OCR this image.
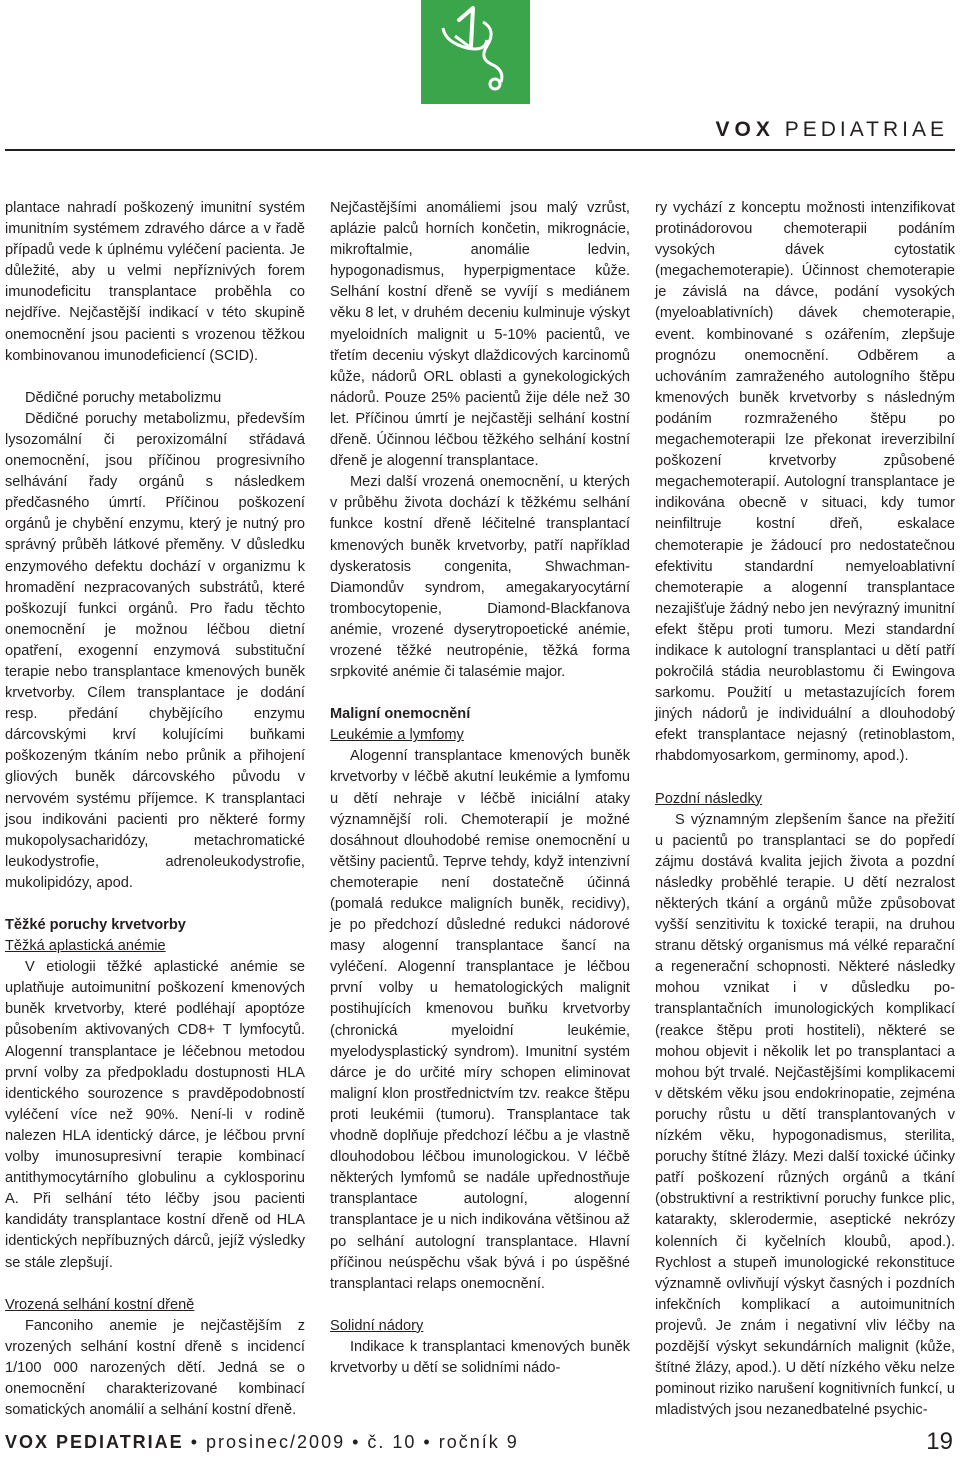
VOX PEDIATRIAE

plantace nahradí poškozený imunitní systém imunitním systémem zdravého dárce a v řadě případů vede k úplnému vyléčení pacienta. Je důležité, aby u velmi nepříznivých forem imunodeficitu transplantace proběhla co nejdříve. Nejčastější indikací v této skupině onemocnění jsou pacienti s vrozenou těžkou kombinovanou imunodeficiencí (SCID).

Dědičné poruchy metabolizmu

Dědičné poruchy metabolizmu, především lysozomální či peroxizomální střádavá onemocnění, jsou příčinou progresivního selhávání řady orgánů s následkem předčasného úmrtí. Příčinou poškození orgánů je chybění enzymu, který je nutný pro správný průběh látkové přeměny. V důsledku enzymového defektu dochází v organizmu k hromadění nezpracovaných substrátů, které poškozují funkci orgánů. Pro řadu těchto onemocnění je možnou léčbou dietní opatření, exogenní enzymová substituční terapie nebo transplantace kmenových buněk krvetvorby. Cílem transplantace je dodání resp. předání chybějícího enzymu dárcovskými krví kolujícími buňkami poškozeným tkáním nebo průnik a přihojení gliových buněk dárcovského původu v nervovém systému příjemce. K transplantaci jsou indikováni pacienti pro některé formy mukopolysacharidózy, metachromatické leukodystrofie, adrenoleukodystrofie, mukolipidózy, apod.

Těžké poruchy krvetvorby

Těžká aplastická anémie

V etiologii těžké aplastické anémie se uplatňuje autoimunitní poškození kmenových buněk krvetvorby, které podléhají apoptóze působením aktivovaných CD8+ T lymfocytů. Alogenní transplantace je léčebnou metodou první volby za předpokladu dostupnosti HLA identického sourozence s pravděpodobností vyléčení více než 90%. Není-li v rodině nalezen HLA identický dárce, je léčbou první volby imunosupresivní terapie kombinací antithymocytárního globulinu a cyklosporinu A. Při selhání této léčby jsou pacienti kandidáty transplantace kostní dřeně od HLA identických nepříbuzných dárců, jejíž výsledky se stále zlepšují.

Vrozená selhání kostní dřeně

Fanconiho anemie je nejčastějším z vrozených selhání kostní dřeně s incidencí 1/100 000 narozených dětí. Jedná se o onemocnění charakterizované kombinací somatických anomálií a selhání kostní dřeně.

Nejčastějšími anomáliemi jsou malý vzrůst, aplázie palců horních končetin, mikrognácie, mikroftalmie, anomálie ledvin, hypogonadismus, hyperpigmentace kůže. Selhání kostní dřeně se vyvíjí s mediánem věku 8 let, v druhém deceniu kulminuje výskyt myeloidních malignit u 5-10% pacientů, ve třetím deceniu výskyt dlaždicových karcinomů kůže, nádorů ORL oblasti a gynekologických nádorů. Pouze 25% pacientů žije déle než 30 let. Příčinou úmrtí je nejčastěji selhání kostní dřeně. Účinnou léčbou těžkého selhání kostní dřeně je alogenní transplantace.

Mezi další vrozená onemocnění, u kterých v průběhu života dochází k těžkému selhání funkce kostní dřeně léčitelné transplantací kmenových buněk krvetvorby, patří například dyskeratosis congenita, Shwachman-Diamondův syndrom, amegakaryocytární trombocytopenie, Diamond-Blackfanova anémie, vrozené dyserytropoetické anémie, vrozené těžké neutropénie, těžká forma srpkovité anémie či talasémie major.

Maligní onemocnění

Leukémie a lymfomy

Alogenní transplantace kmenových buněk krvetvorby v léčbě akutní leukémie a lymfomu u dětí nehraje v léčbě iniciální ataky významnější roli. Chemoterapií je možné dosáhnout dlouhodobé remise onemocnění u většiny pacientů. Teprve tehdy, když intenzivní chemoterapie není dostatečně účinná (pomalá redukce maligních buněk, recidivy), je po předchozí důsledné redukci nádorové masy alogenní transplantace šancí na vyléčení. Alogenní transplantace je léčbou první volby u hematologických malignit postihujících kmenovou buňku krvetvorby (chronická myeloidní leukémie, myelodysplastický syndrom). Imunitní systém dárce je do určité míry schopen eliminovat maligní klon prostřednictvím tzv. reakce štěpu proti leukémii (tumoru). Transplantace tak vhodně doplňuje předchozí léčbu a je vlastně dlouhodobou léčbou imunologickou. V léčbě některých lymfomů se nadále upřednostňuje transplantace autologní, alogenní transplantace je u nich indikována většinou až po selhání autologní transplantace. Hlavní příčinou neúspěchu však bývá i po úspěšné transplantaci relaps onemocnění.

Solidní nádory

Indikace k transplantaci kmenových buněk krvetvorby u dětí se solidními nádo-

ry vychází z konceptu možnosti intenzifikovat protinádorovou chemoterapii podáním vysokých dávek cytostatik (megachemoterapie). Účinnost chemoterapie je závislá na dávce, podání vysokých (myeloablativních) dávek chemoterapie, event. kombinované s ozářením, zlepšuje prognózu onemocnění. Odběrem a uchováním zamraženého autologního štěpu kmenových buněk krvetvorby s následným podáním rozmraženého štěpu po megachemoterapii lze překonat ireverzibilní poškození krvetvorby způsobené megachemoterapií. Autologní transplantace je indikována obecně v situaci, kdy tumor neinfiltruje kostní dřeň, eskalace chemoterapie je žádoucí pro nedostatečnou efektivitu standardní nemyeloablativní chemoterapie a alogenní transplantace nezajišťuje žádný nebo jen nevýrazný imunitní efekt štěpu proti tumoru. Mezi standardní indikace k autologní transplantaci u dětí patří pokročilá stádia neuroblastomu či Ewingova sarkomu. Použití u metastazujících forem jiných nádorů je individuální a dlouhodobý efekt transplantace nejasný (retinoblastom, rhabdomyosarkom, germinomy, apod.).

Pozdní následky

S významným zlepšením šance na přežití u pacientů po transplantaci se do popředí zájmu dostává kvalita jejich života a pozdní následky proběhlé terapie. U dětí nezralost některých tkání a orgánů může způsobovat vyšší senzitivitu k toxické terapii, na druhou stranu dětský organismus má vélké reparační a regenerační schopnosti. Některé následky mohou vznikat i v důsledku po-transplantačních imunologických komplikací (reakce štěpu proti hostiteli), některé se mohou objevit i několik let po transplantaci a mohou být trvalé. Nejčastějšími komplikacemi v dětském věku jsou endokrinopatie, zejména poruchy růstu u dětí transplantovaných v nízkém věku, hypogonadismus, sterilita, poruchy štítné žlázy. Mezi další toxické účinky patří poškození různých orgánů a tkání (obstruktivní a restriktivní poruchy funkce plic, katarakty, sklerodermie, aseptické nekrózy kolenních či kyčelních kloubů, apod.). Rychlost a stupeň imunologické rekonstituce významně ovlivňují výskyt časných i pozdních infekčních komplikací a autoimunitních projevů. Je znám i negativní vliv léčby na pozdější výskyt sekundárních malignit (kůže, štítné žlázy, apod.). U dětí nízkého věku nelze pominout riziko narušení kognitivních funkcí, u mladistvých jsou nezanedbatelné psychic-

VOX PEDIATRIAE • prosinec/2009 • č. 10 • ročník 9	19
